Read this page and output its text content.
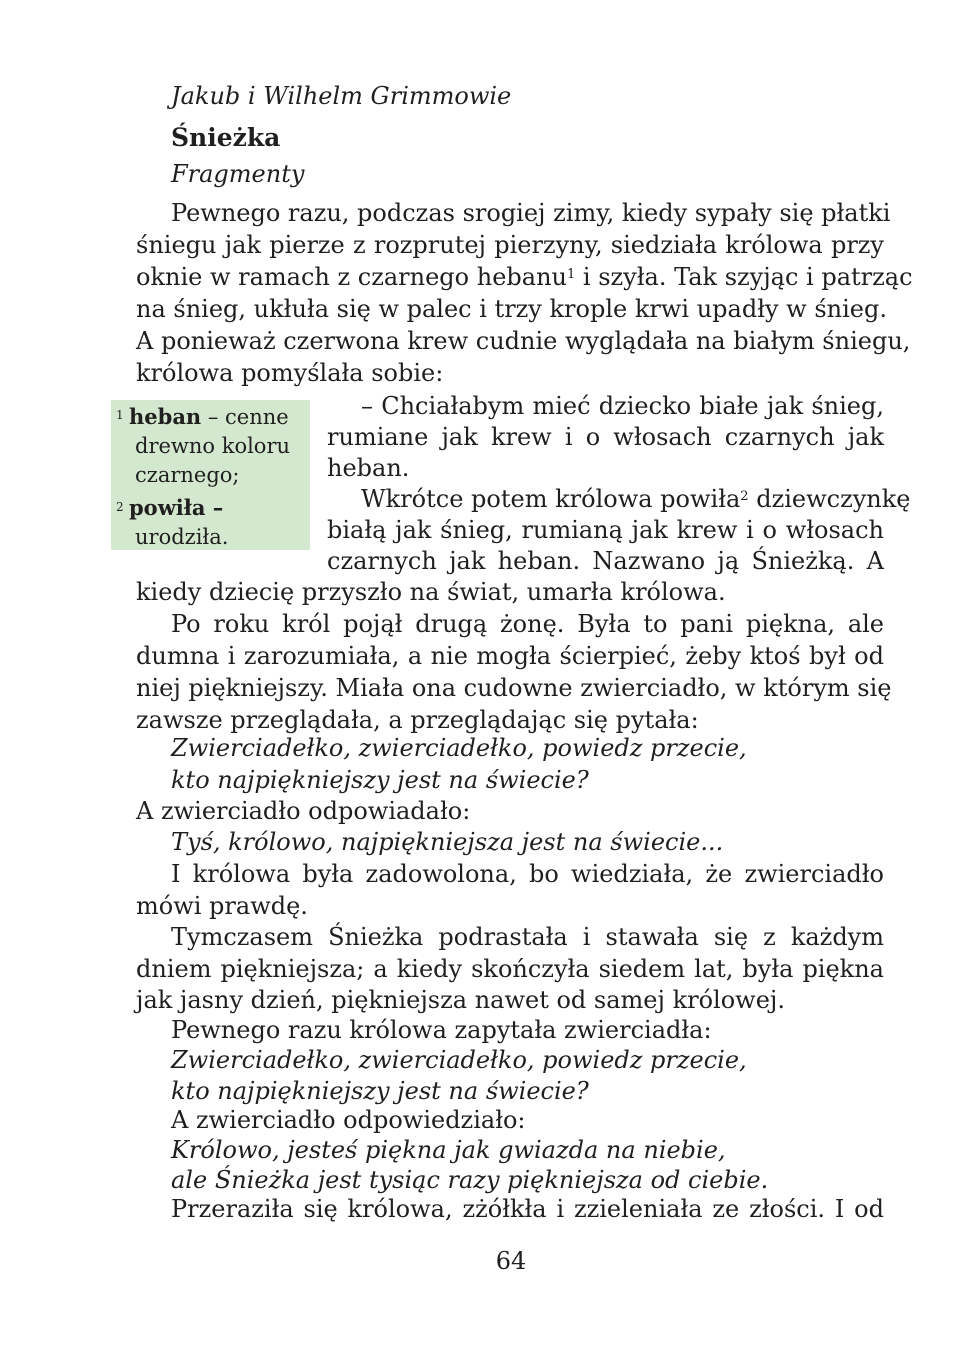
Jakub i Wilhelm Grimmowie
Śnieżka
Fragmenty
Pewnego razu, podczas srogiej zimy, kiedy sypały się płatki
śniegu jak pierze z rozprutej pierzyny, siedziała królowa przy
oknie w ramach z czarnego hebanu$^1$ i szyła. Tak szyjąc i patrząc
na śnieg, ukłuła się w palec i trzy krople krwi upadły w śnieg.
A ponieważ czerwona krew cudnie wyglądała na białym śniegu,
królowa pomyślała sobie:
1 heban – cenne
drewno koloru
czarnego;
2 powiła –
urodziła.
– Chciałabym mieć dziecko białe jak śnieg,
rumiane jak krew i o włosach czarnych jak
heban.
Wkrótce potem królowa powiła$^2$ dziewczynkę
białą jak śnieg, rumianą jak krew i o włosach
czarnych jak heban. Nazwano ją Śnieżką. A
kiedy dziecię przyszło na świat, umarła królowa.
Po roku król pojął drugą żonę. Była to pani piękna, ale
dumna i zarozumiała, a nie mogła ścierpieć, żeby ktoś był od
niej piękniejszy. Miała ona cudowne zwierciadło, w którym się
zawsze przeglądała, a przeglądając się pytała:
Zwierciadełko, zwierciadełko, powiedz przecie,
kto najpiękniejszy jest na świecie?
A zwierciadło odpowiadało:
Tyś, królowo, najpiękniejsza jest na świecie...
I królowa była zadowolona, bo wiedziała, że zwierciadło
mówi prawdę.
Tymczasem Śnieżka podrastała i stawała się z każdym
dniem piękniejsza; a kiedy skończyła siedem lat, była piękna
jak jasny dzień, piękniejsza nawet od samej królowej.
Pewnego razu królowa zapytała zwierciadła:
Zwierciadełko, zwierciadełko, powiedz przecie,
kto najpiękniejszy jest na świecie?
A zwierciadło odpowiedziało:
Królowo, jesteś piękna jak gwiazda na niebie,
ale Śnieżka jest tysiąc razy piękniejsza od ciebie.
Przeraziła się królowa, zżółkła i zzieleniała ze złości. I od
64
